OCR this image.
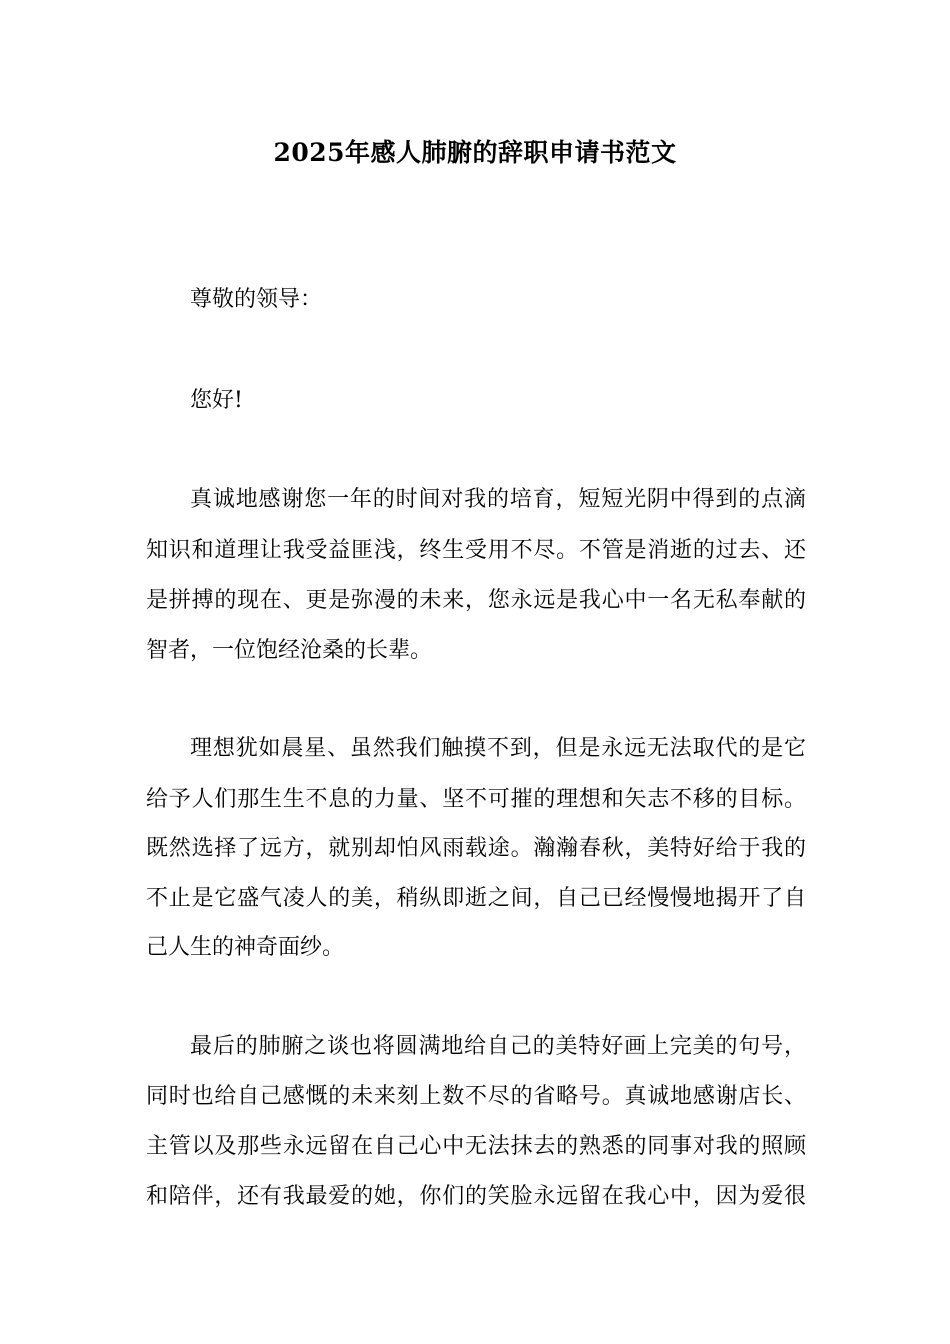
2025年感人肺腑的辞职申请书范文
尊敬的领导：
您好!
真诚地感谢您一年的时间对我的培育，短短光阴中得到的点滴
知识和道理让我受益匪浅，终生受用不尽。不管是消逝的过去、还
是拼搏的现在、更是弥漫的未来，您永远是我心中一名无私奉献的
智者，一位饱经沧桑的长辈。
理想犹如晨星、虽然我们触摸不到，但是永远无法取代的是它
给予人们那生生不息的力量、坚不可摧的理想和矢志不移的目标。
既然选择了远方，就别却怕风雨载途。瀚瀚春秋，美特好给于我的
不止是它盛气凌人的美，稍纵即逝之间，自己已经慢慢地揭开了自
己人生的神奇面纱。
最后的肺腑之谈也将圆满地给自己的美特好画上完美的句号，
同时也给自己感慨的未来刻上数不尽的省略号。真诚地感谢店长、
主管以及那些永远留在自己心中无法抹去的熟悉的同事对我的照顾
和陪伴，还有我最爱的她，你们的笑脸永远留在我心中，因为爱很
